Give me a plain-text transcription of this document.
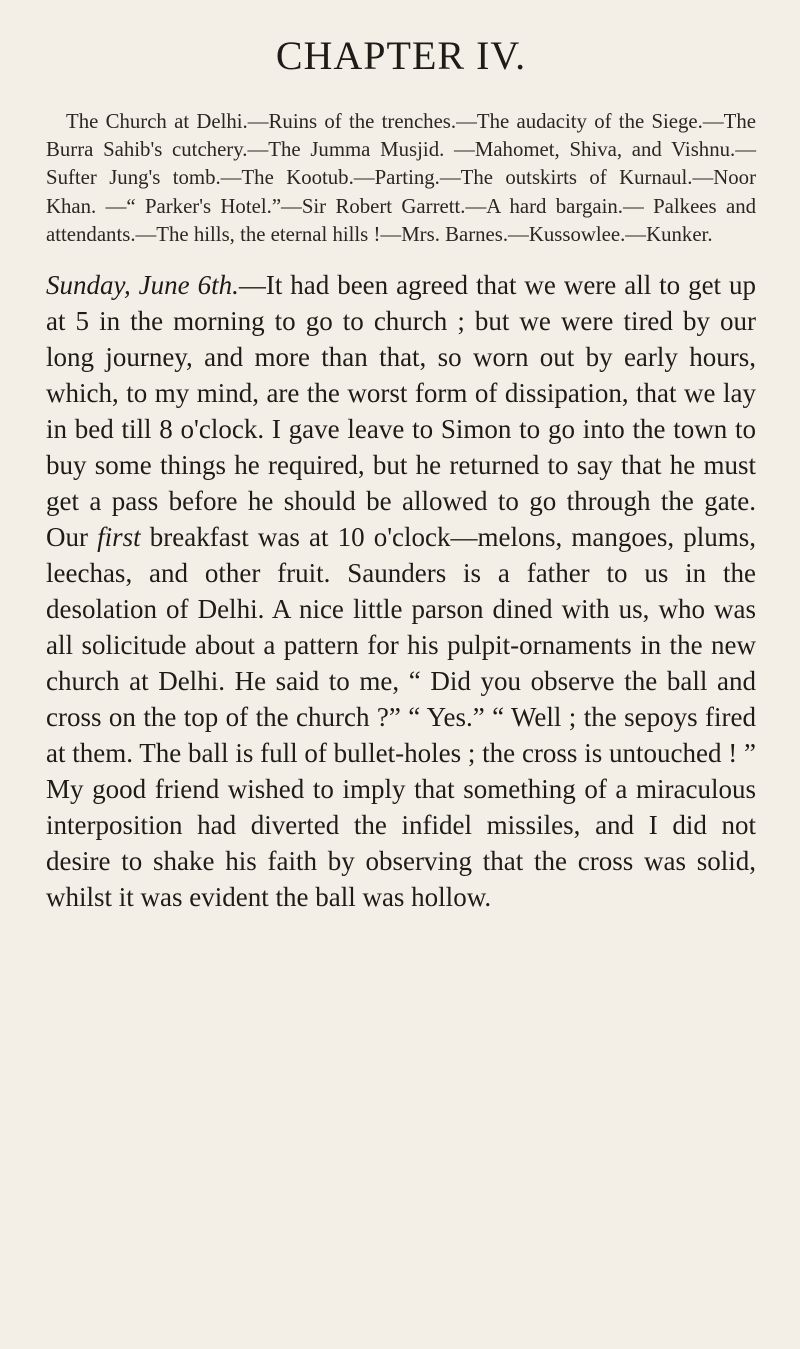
CHAPTER IV.

The Church at Delhi.—Ruins of the trenches.—The audacity of the Siege.—The Burra Sahib's cutchery.—The Jumma Musjid. —Mahomet, Shiva, and Vishnu.—Sufter Jung's tomb.—The Kootub.—Parting.—The outskirts of Kurnaul.—Noor Khan. —“ Parker's Hotel.”—Sir Robert Garrett.—A hard bargain.— Palkees and attendants.—The hills, the eternal hills !—Mrs. Barnes.—Kussowlee.—Kunker.

Sunday, June 6th.—It had been agreed that we were all to get up at 5 in the morning to go to church ; but we were tired by our long journey, and more than that, so worn out by early hours, which, to my mind, are the worst form of dissipation, that we lay in bed till 8 o'clock. I gave leave to Simon to go into the town to buy some things he required, but he returned to say that he must get a pass before he should be allowed to go through the gate. Our first breakfast was at 10 o'clock—melons, mangoes, plums, leechas, and other fruit. Saunders is a father to us in the desolation of Delhi. A nice little parson dined with us, who was all solicitude about a pattern for his pulpit-ornaments in the new church at Delhi. He said to me, “ Did you observe the ball and cross on the top of the church ?” “ Yes.” “ Well ; the sepoys fired at them. The ball is full of bullet-holes ; the cross is untouched ! ” My good friend wished to imply that something of a miraculous interposition had diverted the infidel missiles, and I did not desire to shake his faith by observing that the cross was solid, whilst it was evident the ball was hollow.
